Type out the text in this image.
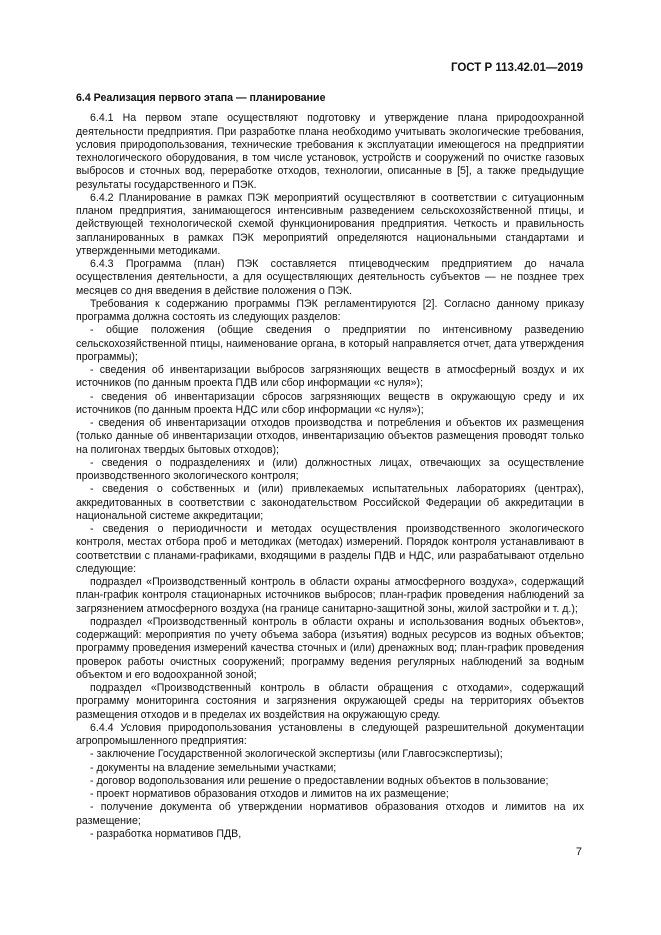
ГОСТ Р 113.42.01—2019

6.4 Реализация первого этапа — планирование

6.4.1 На первом этапе осуществляют подготовку и утверждение плана природоохранной деятельности предприятия. При разработке плана необходимо учитывать экологические требования, условия природопользования, технические требования к эксплуатации имеющегося на предприятии технологического оборудования, в том числе установок, устройств и сооружений по очистке газовых выбросов и сточных вод, переработке отходов, технологии, описанные в [5], а также предыдущие результаты государственного и ПЭК.

6.4.2 Планирование в рамках ПЭК мероприятий осуществляют в соответствии с ситуационным планом предприятия, занимающегося интенсивным разведением сельскохозяйственной птицы, и действующей технологической схемой функционирования предприятия. Четкость и правильность запланированных в рамках ПЭК мероприятий определяются национальными стандартами и утвержденными методиками.

6.4.3 Программа (план) ПЭК составляется птицеводческим предприятием до начала осуществления деятельности, а для осуществляющих деятельность субъектов — не позднее трех месяцев со дня введения в действие положения о ПЭК.

Требования к содержанию программы ПЭК регламентируются [2]. Согласно данному приказу программа должна состоять из следующих разделов:

- общие положения (общие сведения о предприятии по интенсивному разведению сельскохозяйственной птицы, наименование органа, в который направляется отчет, дата утверждения программы);

- сведения об инвентаризации выбросов загрязняющих веществ в атмосферный воздух и их источников (по данным проекта ПДВ или сбор информации «с нуля»);

- сведения об инвентаризации сбросов загрязняющих веществ в окружающую среду и их источников (по данным проекта НДС или сбор информации «с нуля»);

- сведения об инвентаризации отходов производства и потребления и объектов их размещения (только данные об инвентаризации отходов, инвентаризацию объектов размещения проводят только на полигонах твердых бытовых отходов);

- сведения о подразделениях и (или) должностных лицах, отвечающих за осуществление производственного экологического контроля;

- сведения о собственных и (или) привлекаемых испытательных лабораториях (центрах), аккредитованных в соответствии с законодательством Российской Федерации об аккредитации в национальной системе аккредитации;

- сведения о периодичности и методах осуществления производственного экологического контроля, местах отбора проб и методиках (методах) измерений. Порядок контроля устанавливают в соответствии с планами-графиками, входящими в разделы ПДВ и НДС, или разрабатывают отдельно следующие:

подраздел «Производственный контроль в области охраны атмосферного воздуха», содержащий план-график контроля стационарных источников выбросов; план-график проведения наблюдений за загрязнением атмосферного воздуха (на границе санитарно-защитной зоны, жилой застройки и т. д.);

подраздел «Производственный контроль в области охраны и использования водных объектов», содержащий: мероприятия по учету объема забора (изъятия) водных ресурсов из водных объектов; программу проведения измерений качества сточных и (или) дренажных вод; план-график проведения проверок работы очистных сооружений; программу ведения регулярных наблюдений за водным объектом и его водоохранной зоной;

подраздел «Производственный контроль в области обращения с отходами», содержащий программу мониторинга состояния и загрязнения окружающей среды на территориях объектов размещения отходов и в пределах их воздействия на окружающую среду.

6.4.4 Условия природопользования установлены в следующей разрешительной документации агропромышленного предприятия:

- заключение Государственной экологической экспертизы (или Главгосэкспертизы);

- документы на владение земельными участками;

- договор водопользования или решение о предоставлении водных объектов в пользование;

- проект нормативов образования отходов и лимитов на их размещение;

- получение документа об утверждении нормативов образования отходов и лимитов на их размещение;

- разработка нормативов ПДВ,

7
